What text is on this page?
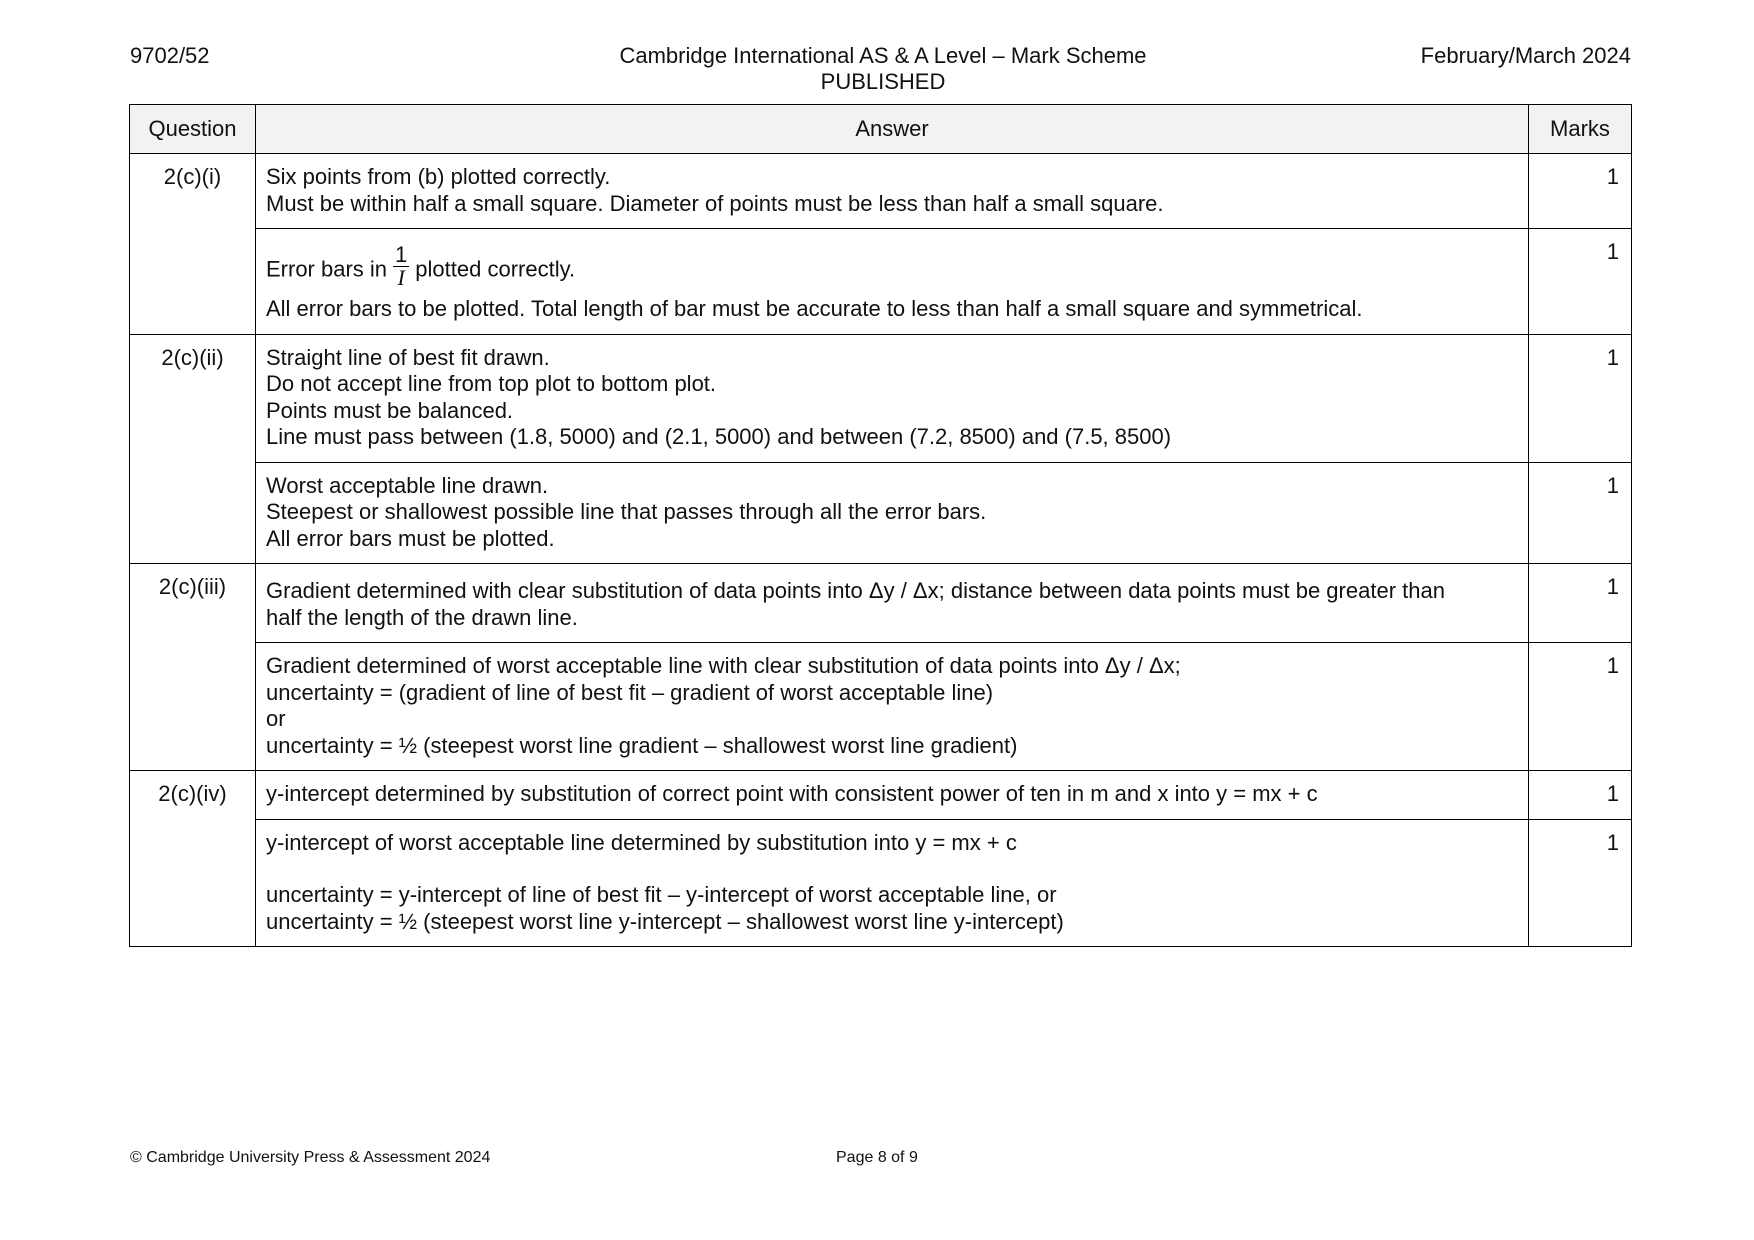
9702/52	Cambridge International AS & A Level – Mark Scheme
PUBLISHED
February/March 2024
Question	Answer	Marks
2(c)(i)	Six points from (b) plotted correctly.
Must be within half a small square. Diameter of points must be less than half a small square.	1

	Error bars in $\frac{1}{I}$ plotted correctly.
All error bars to be plotted. Total length of bar must be accurate to less than half a small square and symmetrical.	1
2(c)(ii)	Straight line of best fit drawn.
Do not accept line from top plot to bottom plot.
Points must be balanced.
Line must pass between (1.8, 5000) and (2.1, 5000) and between (7.2, 8500) and (7.5, 8500)	1

	Worst acceptable line drawn.
Steepest or shallowest possible line that passes through all the error bars.
All error bars must be plotted.	1
2(c)(iii)	Gradient determined with clear substitution of data points into Δy / Δx; distance between data points must be greater than
half the length of the drawn line.	1

	Gradient determined of worst acceptable line with clear substitution of data points into Δy / Δx;
uncertainty = (gradient of line of best fit – gradient of worst acceptable line)
or
uncertainty = ½ (steepest worst line gradient – shallowest worst line gradient)	1
2(c)(iv)	y-intercept determined by substitution of correct point with consistent power of ten in m and x into y = mx + c	1

	y-intercept of worst acceptable line determined by substitution into y = mx + c
uncertainty = y-intercept of line of best fit – y-intercept of worst acceptable line, or
uncertainty = ½ (steepest worst line y-intercept – shallowest worst line y-intercept)	1
© Cambridge University Press & Assessment 2024	Page 8 of 9
